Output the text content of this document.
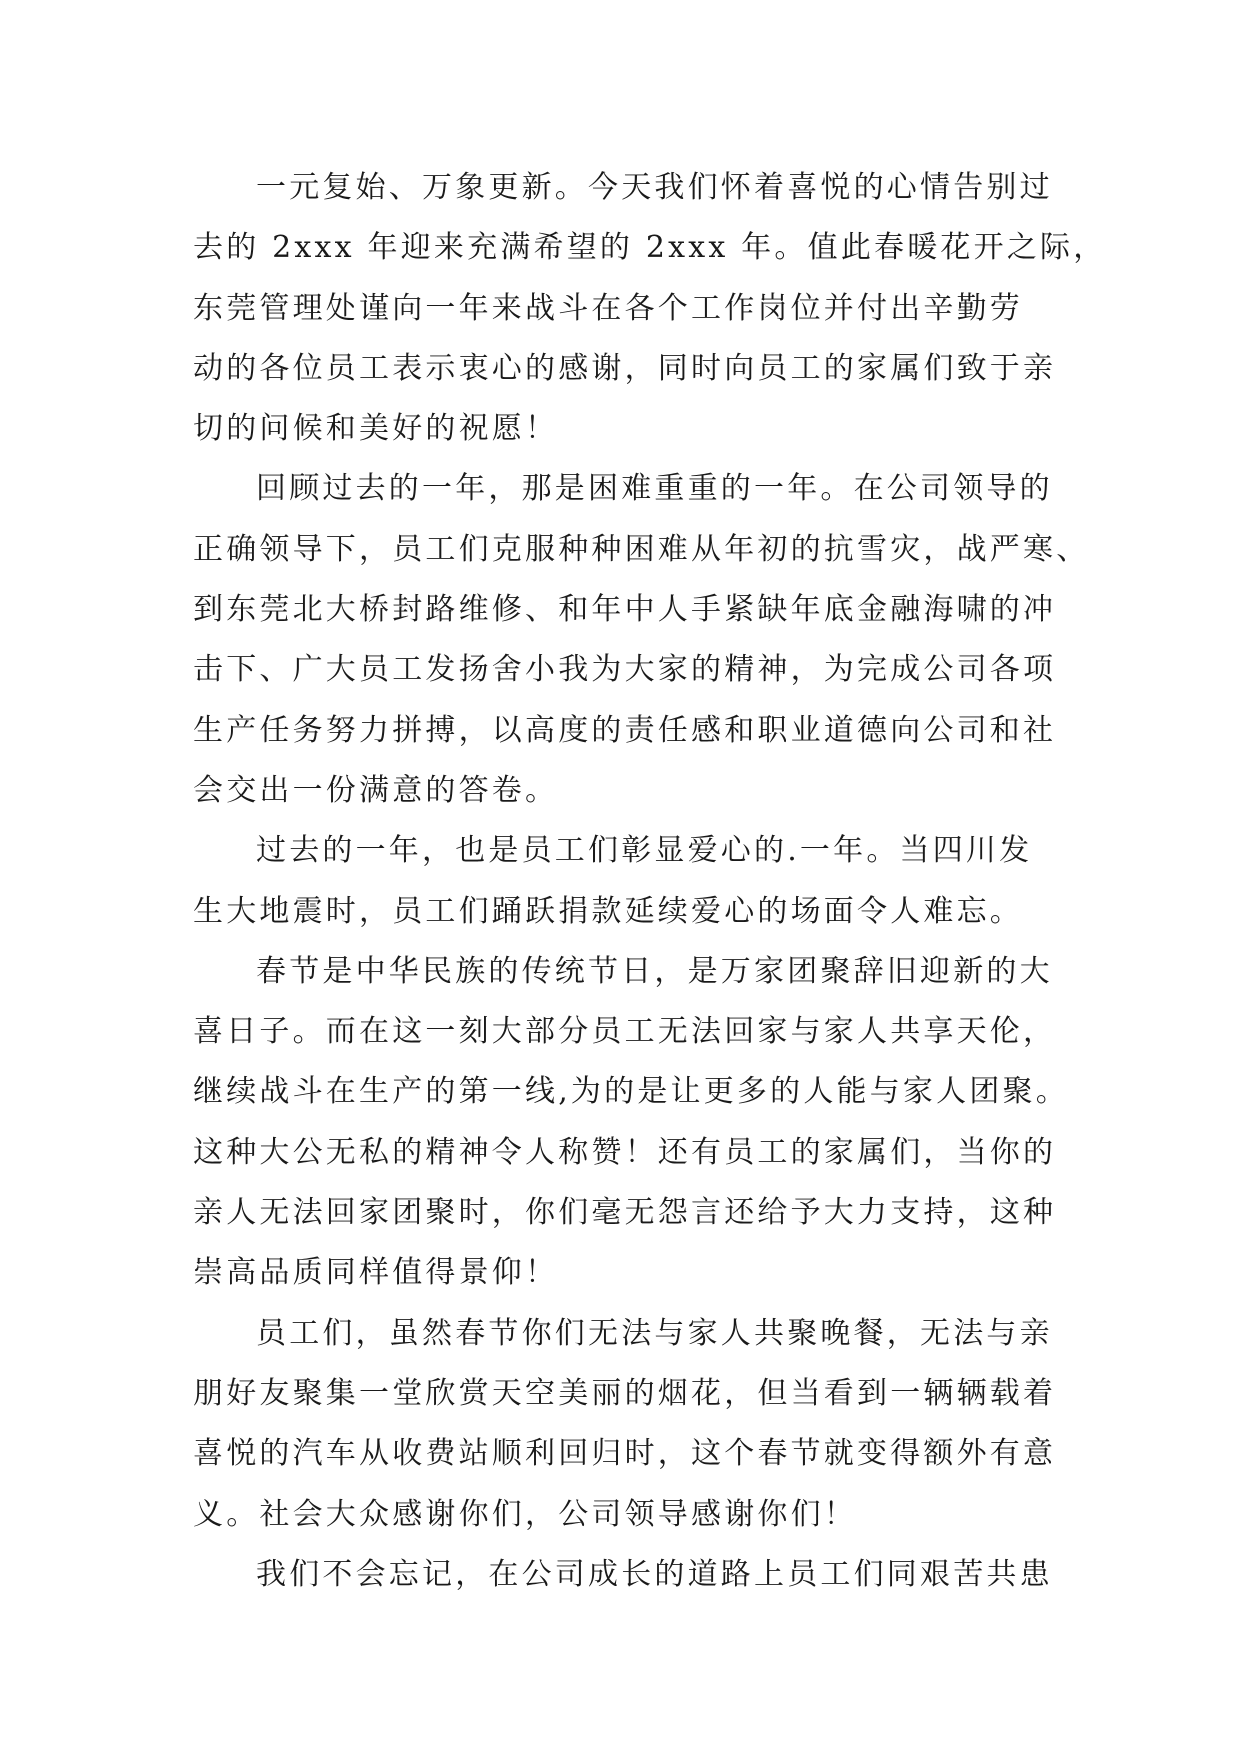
一元复始、万象更新。今天我们怀着喜悦的心情告别过
去的 2xxx 年迎来充满希望的 2xxx 年。值此春暖花开之际，
东莞管理处谨向一年来战斗在各个工作岗位并付出辛勤劳
动的各位员工表示衷心的感谢，同时向员工的家属们致于亲
切的问候和美好的祝愿！

回顾过去的一年，那是困难重重的一年。在公司领导的
正确领导下，员工们克服种种困难从年初的抗雪灾，战严寒、
到东莞北大桥封路维修、和年中人手紧缺年底金融海啸的冲
击下、广大员工发扬舍小我为大家的精神，为完成公司各项
生产任务努力拼搏，以高度的责任感和职业道德向公司和社
会交出一份满意的答卷。

过去的一年，也是员工们彰显爱心的.一年。当四川发
生大地震时，员工们踊跃捐款延续爱心的场面令人难忘。

春节是中华民族的传统节日，是万家团聚辞旧迎新的大
喜日子。而在这一刻大部分员工无法回家与家人共享天伦，
继续战斗在生产的第一线,为的是让更多的人能与家人团聚。
这种大公无私的精神令人称赞！还有员工的家属们，当你的
亲人无法回家团聚时，你们毫无怨言还给予大力支持，这种
崇高品质同样值得景仰！

员工们，虽然春节你们无法与家人共聚晚餐，无法与亲
朋好友聚集一堂欣赏天空美丽的烟花，但当看到一辆辆载着
喜悦的汽车从收费站顺利回归时，这个春节就变得额外有意
义。社会大众感谢你们，公司领导感谢你们！

我们不会忘记，在公司成长的道路上员工们同艰苦共患
